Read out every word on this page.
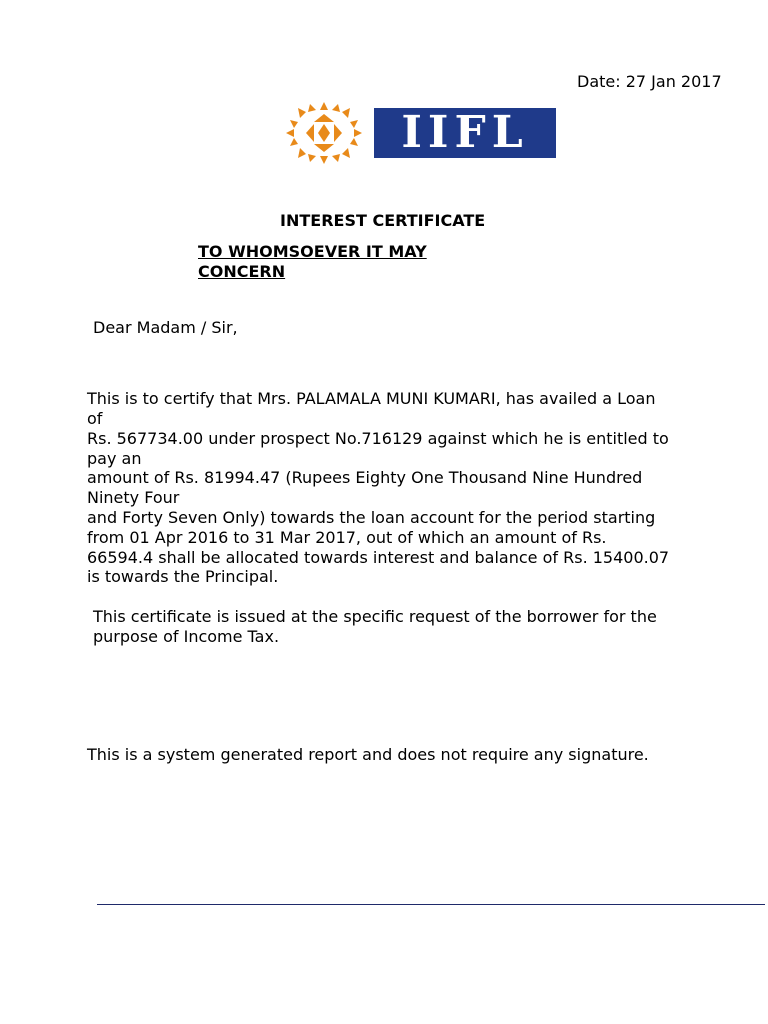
Date: 27 Jan 2017
IIFL
INTEREST CERTIFICATE
TO WHOMSOEVER IT MAY
CONCERN
Dear Madam / Sir,
This is to certify that Mrs. PALAMALA MUNI KUMARI, has availed a Loan
of
Rs. 567734.00 under prospect No.716129 against which he is entitled to
pay an
amount of Rs. 81994.47 (Rupees Eighty One Thousand Nine Hundred
Ninety Four
and Forty Seven Only) towards the loan account for the period starting
from 01 Apr 2016 to 31 Mar 2017, out of which an amount of Rs.
66594.4 shall be allocated towards interest and balance of Rs. 15400.07
is towards the Principal.
This certificate is issued at the specific request of the borrower for the
purpose of Income Tax.
This is a system generated report and does not require any signature.
